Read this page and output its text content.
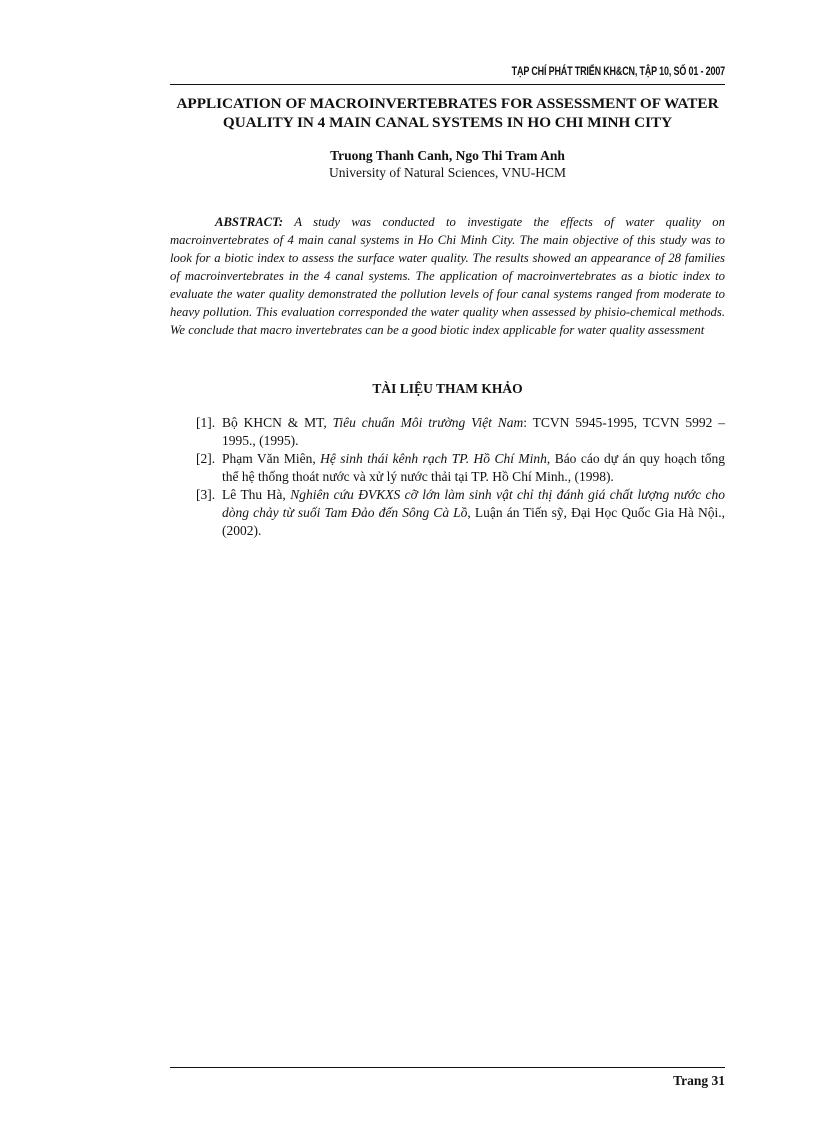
TẠP CHÍ PHÁT TRIỂN KH&CN, TẬP 10, SỐ 01 - 2007
APPLICATION OF MACROINVERTEBRATES FOR ASSESSMENT OF WATER
QUALITY IN 4 MAIN CANAL SYSTEMS IN HO CHI MINH CITY
Truong Thanh Canh, Ngo Thi Tram Anh
University of Natural Sciences, VNU-HCM

ABSTRACT: A study was conducted to investigate the effects of water quality on macroinvertebrates of 4 main canal systems in Ho Chi Minh City. The main objective of this study was to look for a biotic index to assess the surface water quality. The results showed an appearance of 28 families of macroinvertebrates in the 4 canal systems. The application of macroinvertebrates as a biotic index to evaluate the water quality demonstrated the pollution levels of four canal systems ranged from moderate to heavy pollution. This evaluation corresponded the water quality when assessed by phisio-chemical methods. We conclude that macro invertebrates can be a good biotic index applicable for water quality assessment

TÀI LIỆU THAM KHẢO
[1]. Bộ KHCN & MT, Tiêu chuẩn Môi trường Việt Nam: TCVN 5945-1995, TCVN 5992 – 1995., (1995).
[2]. Phạm Văn Miên, Hệ sinh thái kênh rạch TP. Hồ Chí Minh, Báo cáo dự án quy hoạch tổng thể hệ thống thoát nước và xử lý nước thải tại TP. Hồ Chí Minh., (1998).
[3]. Lê Thu Hà, Nghiên cứu ĐVKXS cỡ lớn làm sinh vật chỉ thị đánh giá chất lượng nước cho dòng chảy từ suối Tam Đảo đến Sông Cà Lồ, Luận án Tiến sỹ, Đại Học Quốc Gia Hà Nội., (2002).
Trang 31
